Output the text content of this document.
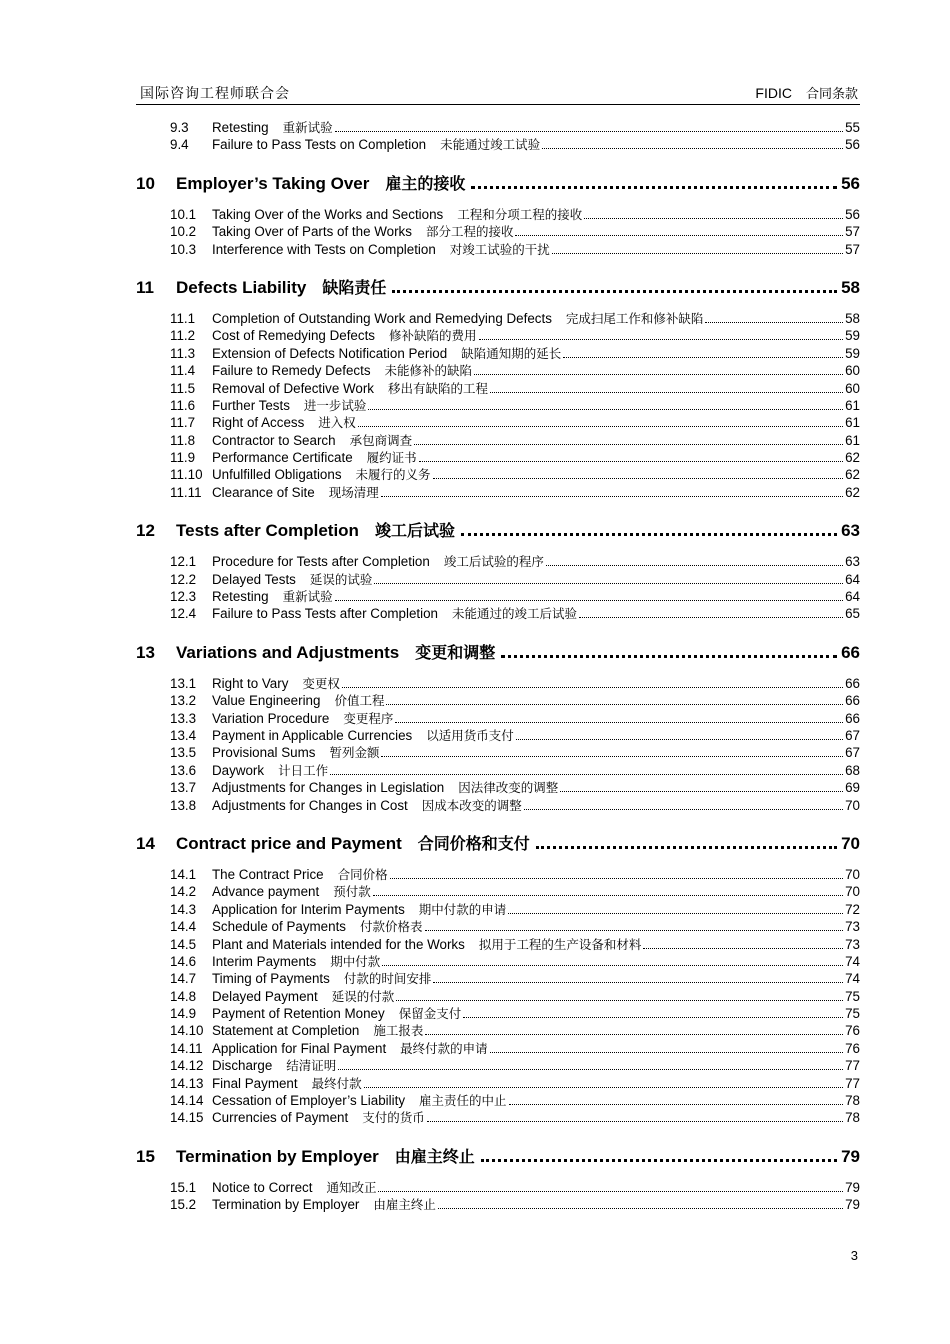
国际咨询工程师联合会	FIDIC 合同条款
9.3	Retesting 重新试验	55
9.4	Failure to Pass Tests on Completion 未能通过竣工试验	56
10	Employer’s Taking Over 雇主的接收	56
10.1	Taking Over of the Works and Sections 工程和分项工程的接收	56
10.2	Taking Over of Parts of the Works 部分工程的接收	57
10.3	Interference with Tests on Completion 对竣工试验的干扰	57
11	Defects Liability 缺陷责任	58
11.1	Completion of Outstanding Work and Remedying Defects 完成扫尾工作和修补缺陷	58
11.2	Cost of Remedying Defects 修补缺陷的费用	59
11.3	Extension of Defects Notification Period 缺陷通知期的延长	59
11.4	Failure to Remedy Defects 未能修补的缺陷	60
11.5	Removal of Defective Work 移出有缺陷的工程	60
11.6	Further Tests 进一步试验	61
11.7	Right of Access 进入权	61
11.8	Contractor to Search 承包商调查	61
11.9	Performance Certificate 履约证书	62
11.10 Unfulfilled Obligations 未履行的义务	62
11.11 Clearance of Site 现场清理	62
12	Tests after Completion 竣工后试验	63
12.1	Procedure for Tests after Completion 竣工后试验的程序	63
12.2	Delayed Tests 延误的试验	64
12.3	Retesting 重新试验	64
12.4	Failure to Pass Tests after Completion 未能通过的竣工后试验	65
13	Variations and Adjustments 变更和调整	66
13.1	Right to Vary 变更权	66
13.2	Value Engineering 价值工程	66
13.3	Variation Procedure 变更程序	66
13.4	Payment in Applicable Currencies 以适用货币支付	67
13.5	Provisional Sums 暂列金额	67
13.6	Daywork 计日工作	68
13.7	Adjustments for Changes in Legislation 因法律改变的调整	69
13.8	Adjustments for Changes in Cost 因成本改变的调整	70
14	Contract price and Payment 合同价格和支付	70
14.1	The Contract Price 合同价格	70
14.2	Advance payment 预付款	70
14.3	Application for Interim Payments 期中付款的申请	72
14.4	Schedule of Payments 付款价格表	73
14.5	Plant and Materials intended for the Works 拟用于工程的生产设备和材料	73
14.6	Interim Payments 期中付款	74
14.7	Timing of Payments 付款的时间安排	74
14.8	Delayed Payment 延误的付款	75
14.9	Payment of Retention Money 保留金支付	75
14.10 Statement at Completion 施工报表	76
14.11 Application for Final Payment 最终付款的申请	76
14.12 Discharge 结清证明	77
14.13 Final Payment 最终付款	77
14.14 Cessation of Employer’s Liability 雇主责任的中止	78
14.15 Currencies of Payment 支付的货币	78
15	Termination by Employer 由雇主终止	79
15.1	Notice to Correct 通知改正	79
15.2	Termination by Employer 由雇主终止	79
3
